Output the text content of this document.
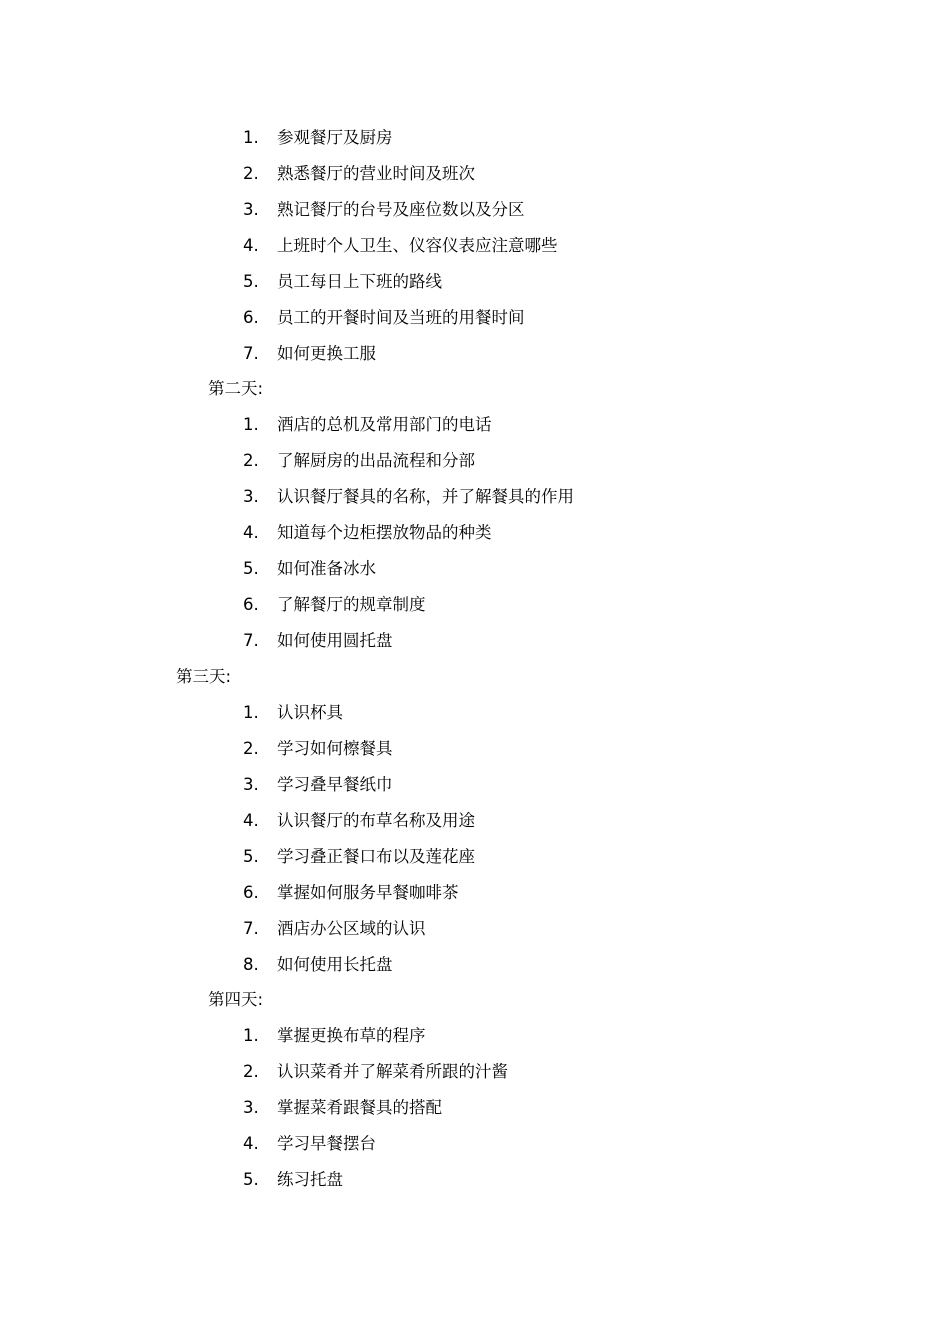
1.	参观餐厅及厨房
2.	熟悉餐厅的营业时间及班次
3.	熟记餐厅的台号及座位数以及分区
4.	上班时个人卫生、仪容仪表应注意哪些
5.	员工每日上下班的路线
6.	员工的开餐时间及当班的用餐时间
7.	如何更换工服
第二天:
1.	酒店的总机及常用部门的电话
2.	了解厨房的出品流程和分部
3.	认识餐厅餐具的名称，并了解餐具的作用
4.	知道每个边柜摆放物品的种类
5.	如何准备冰水
6.	了解餐厅的规章制度
7.	如何使用圆托盘
第三天:
1.	认识杯具
2.	学习如何檫餐具
3.	学习叠早餐纸巾
4.	认识餐厅的布草名称及用途
5.	学习叠正餐口布以及莲花座
6.	掌握如何服务早餐咖啡茶
7.	酒店办公区域的认识
8.	如何使用长托盘
第四天:
1.	掌握更换布草的程序
2.	认识菜肴并了解菜肴所跟的汁酱
3.	掌握菜肴跟餐具的搭配
4.	学习早餐摆台
5.	练习托盘
